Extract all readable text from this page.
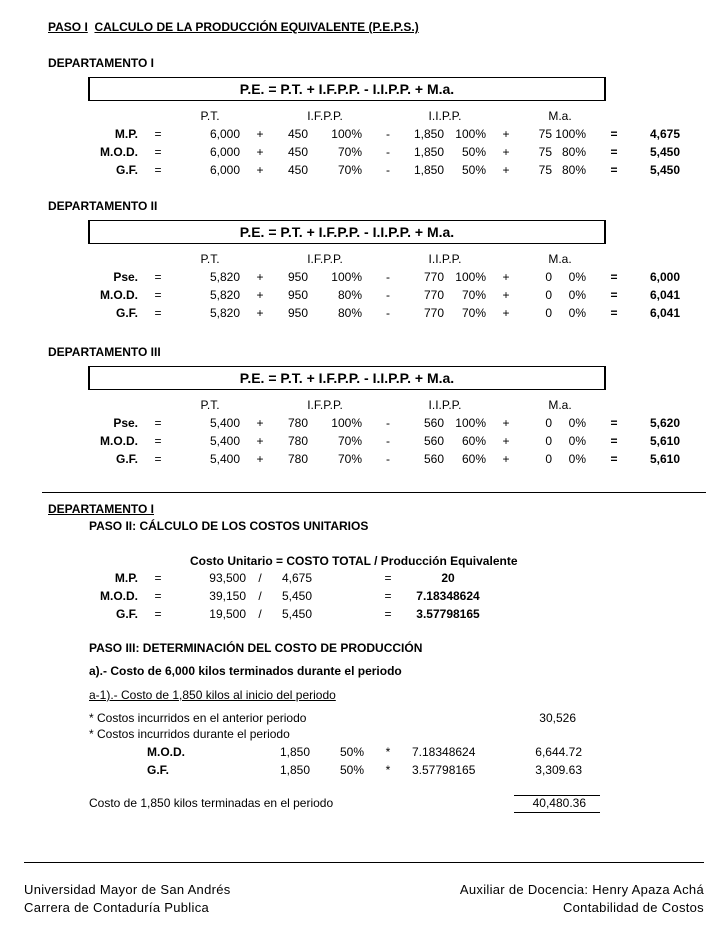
PASO I CALCULO DE LA PRODUCCIÓN EQUIVALENTE (P.E.P.S.)
DEPARTAMENTO I
P.E. = P.T. + I.F.P.P. - I.I.P.P. + M.a.
P.T.	I.F.P.P.	I.I.P.P.	M.a.
M.P.	=	6,000	+	450	100%	-	1,850 100%	+	75 100%	=	4,675
M.O.D.	=	6,000	+	450	70%	-	1,850	50%	+	75 80%	=	5,450
G.F.	=	6,000	+	450	70%	-	1,850	50%	+	75 80%	=	5,450
DEPARTAMENTO II
P.E. = P.T. + I.F.P.P. - I.I.P.P. + M.a.
P.T.	I.F.P.P.	I.I.P.P.	M.a.
Pse.	=	5,820	+	950	100%	-	770 100%	+	0	0%	=	6,000
M.O.D.	=	5,820	+	950	80%	-	770	70%	+	0	0%	=	6,041
G.F.	=	5,820	+	950	80%	-	770	70%	+	0	0%	=	6,041
DEPARTAMENTO III
P.E. = P.T. + I.F.P.P. - I.I.P.P. + M.a.
P.T.	I.F.P.P.	I.I.P.P.	M.a.
Pse.	=	5,400	+	780	100%	-	560 100%	+	0	0%	=	5,620
M.O.D.	=	5,400	+	780	70%	-	560	60%	+	0	0%	=	5,610
G.F.	=	5,400	+	780	70%	-	560	60%	+	0	0%	=	5,610
DEPARTAMENTO I
PASO II: CÁLCULO DE LOS COSTOS UNITARIOS
Costo Unitario = COSTO TOTAL / Producción Equivalente
M.P.	=	93,500	/	4,675	=	20
M.O.D.	=	39,150	/	5,450	=	7.18348624
G.F.	=	19,500	/	5,450	=	3.57798165
PASO III: DETERMINACIÓN DEL COSTO DE PRODUCCIÓN
a).- Costo de 6,000 kilos terminados durante el periodo
a-1).- Costo de 1,850 kilos al inicio del periodo
* Costos incurridos en el anterior periodo	30,526
* Costos incurridos durante el periodo
M.O.D.	1,850	50%	*	7.18348624	6,644.72
G.F.	1,850	50%	*	3.57798165	3,309.63
Costo de 1,850 kilos terminadas en el periodo	40,480.36
Universidad Mayor de San Andrés
Carrera de Contaduría Publica
Auxiliar de Docencia: Henry Apaza Achá
Contabilidad de Costos
